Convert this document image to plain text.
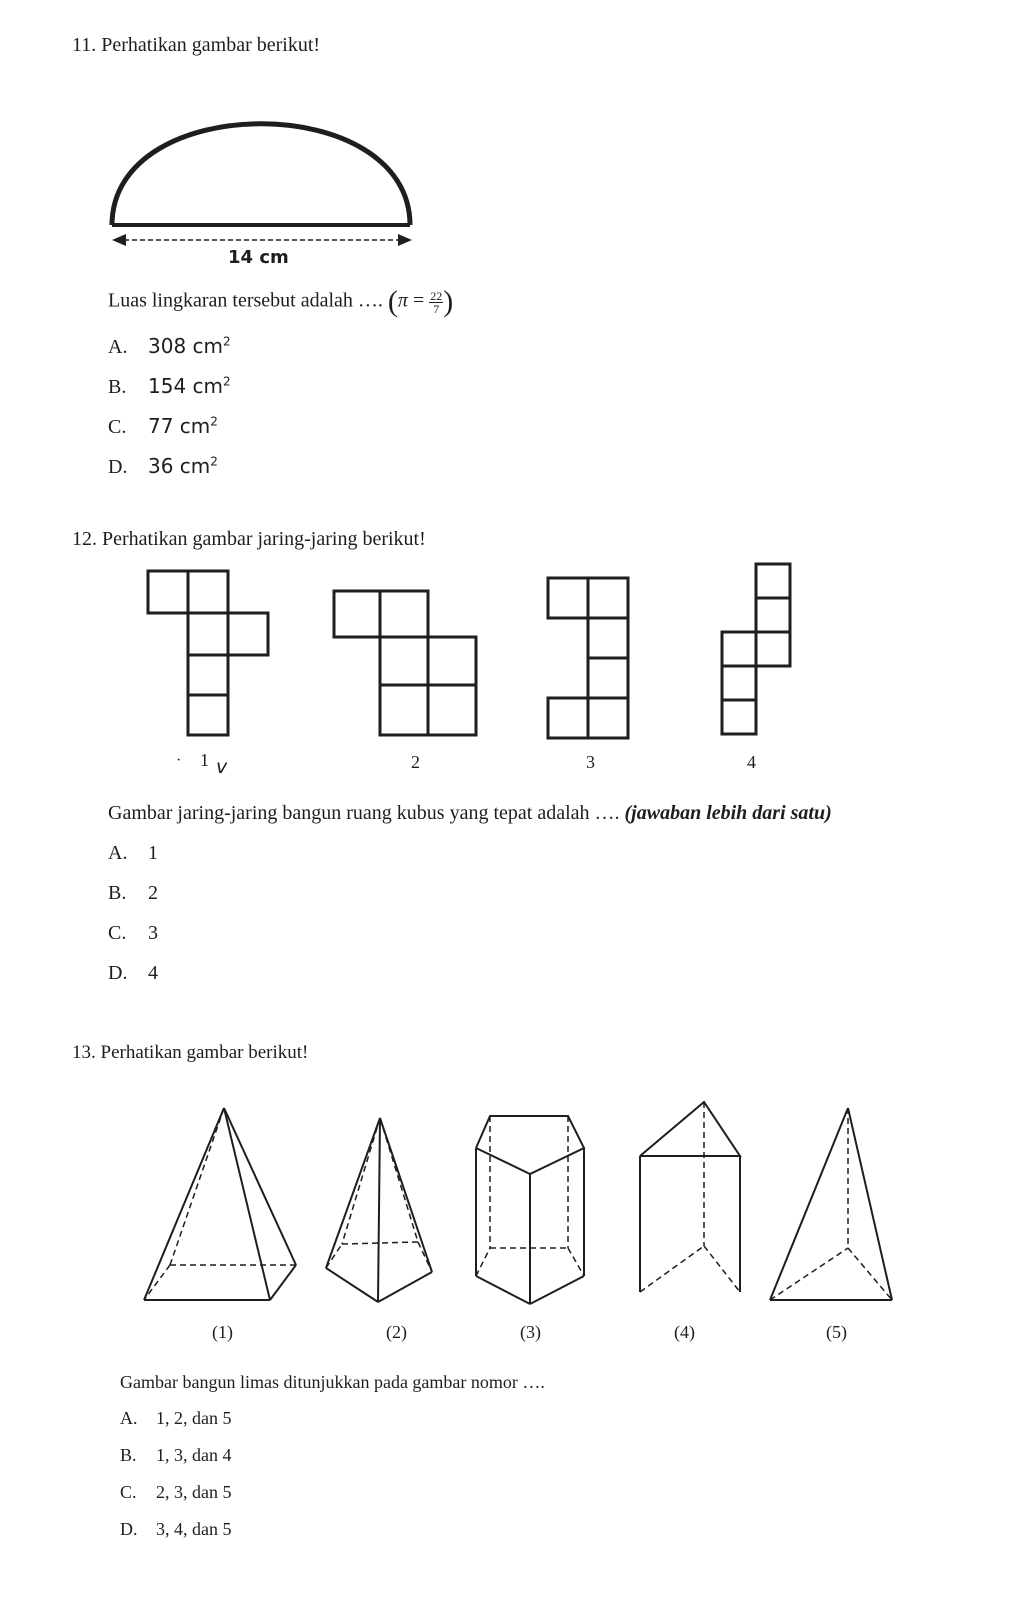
11. Perhatikan gambar berikut!
14 cm
Luas lingkaran tersebut adalah …. ($\pi = \frac{22}{7}$ )
A. 308 $cm^2$
B. 154 $cm^2$
C. 77 $cm^2$
D. 36 $cm^2$
12. Perhatikan gambar jaring-jaring berikut!
· 1 v	2	3	4
Gambar jaring-jaring bangun ruang kubus yang tepat adalah …. (jawaban lebih dari satu)
A. 1
B. 2
C. 3
D. 4
13. Perhatikan gambar berikut!
(1)	(2)	(3)	(4)	(5)
Gambar bangun limas ditunjukkan pada gambar nomor ….
A. 1, 2, dan 5
B. 1, 3, dan 4
C. 2, 3, dan 5
D. 3, 4, dan 5
